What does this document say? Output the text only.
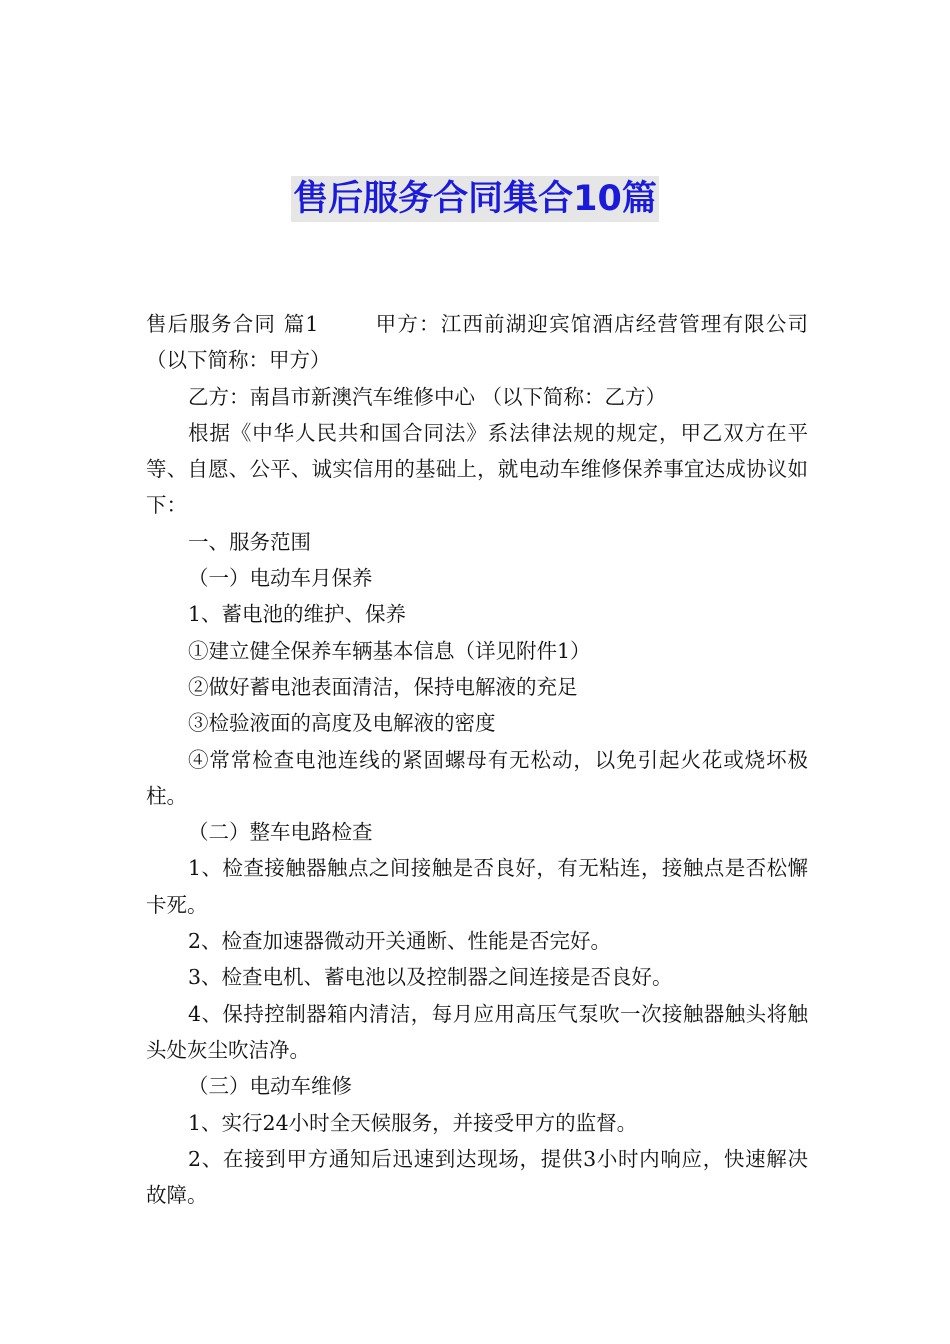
售后服务合同集合10篇

售后服务合同 篇1	甲方：江西前湖迎宾馆酒店经营管理有限公司（以下简称：甲方）

乙方：南昌市新澳汽车维修中心 （以下简称：乙方）

根据《中华人民共和国合同法》系法律法规的规定，甲乙双方在平等、自愿、公平、诚实信用的基础上，就电动车维修保养事宜达成协议如下：

一、服务范围

（一）电动车月保养

1、蓄电池的维护、保养

①建立健全保养车辆基本信息（详见附件1）

②做好蓄电池表面清洁，保持电解液的充足

③检验液面的高度及电解液的密度

④常常检查电池连线的紧固螺母有无松动，以免引起火花或烧坏极柱。

（二）整车电路检查

1、检查接触器触点之间接触是否良好，有无粘连，接触点是否松懈卡死。

2、检查加速器微动开关通断、性能是否完好。

3、检查电机、蓄电池以及控制器之间连接是否良好。

4、保持控制器箱内清洁，每月应用高压气泵吹一次接触器触头将触头处灰尘吹洁净。

（三）电动车维修

1、实行24小时全天候服务，并接受甲方的监督。

2、在接到甲方通知后迅速到达现场，提供3小时内响应，快速解决故障。
